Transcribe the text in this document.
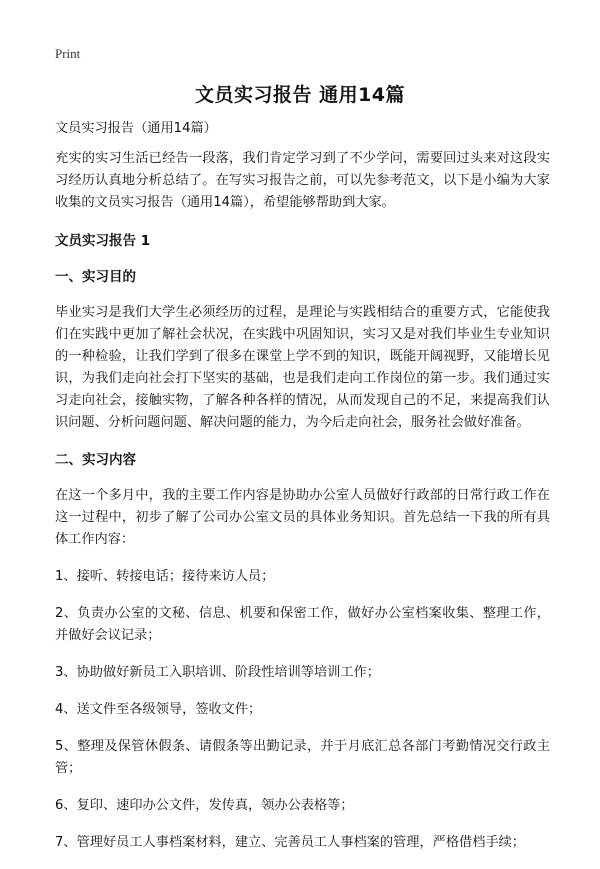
Print
文员实习报告 通用14篇

文员实习报告（通用14篇）

充实的实习生活已经告一段落，我们肯定学习到了不少学问，需要回过头来对这段实习经历认真地分析总结了。在写实习报告之前，可以先参考范文，以下是小编为大家收集的文员实习报告（通用14篇），希望能够帮助到大家。

文员实习报告 1

一、实习目的

毕业实习是我们大学生必须经历的过程，是理论与实践相结合的重要方式，它能使我们在实践中更加了解社会状况，在实践中巩固知识，实习又是对我们毕业生专业知识的一种检验，让我们学到了很多在课堂上学不到的知识，既能开阔视野，又能增长见识，为我们走向社会打下坚实的基础，也是我们走向工作岗位的第一步。我们通过实习走向社会，接触实物，了解各种各样的情况，从而发现自己的不足，来提高我们认识问题、分析问题问题、解决问题的能力，为今后走向社会，服务社会做好准备。

二、实习内容

在这一个多月中，我的主要工作内容是协助办公室人员做好行政部的日常行政工作在这一过程中，初步了解了公司办公室文员的具体业务知识。首先总结一下我的所有具体工作内容：

1、接听、转接电话；接待来访人员；

2、负责办公室的文秘、信息、机要和保密工作，做好办公室档案收集、整理工作，并做好会议记录；

3、协助做好新员工入职培训、阶段性培训等培训工作；

4、送文件至各级领导，签收文件；

5、整理及保管休假条、请假条等出勤记录，并于月底汇总各部门考勤情况交行政主管；

6、复印、速印办公文件，发传真，领办公表格等；

7、管理好员工人事档案材料，建立、完善员工人事档案的管理，严格借档手续；
